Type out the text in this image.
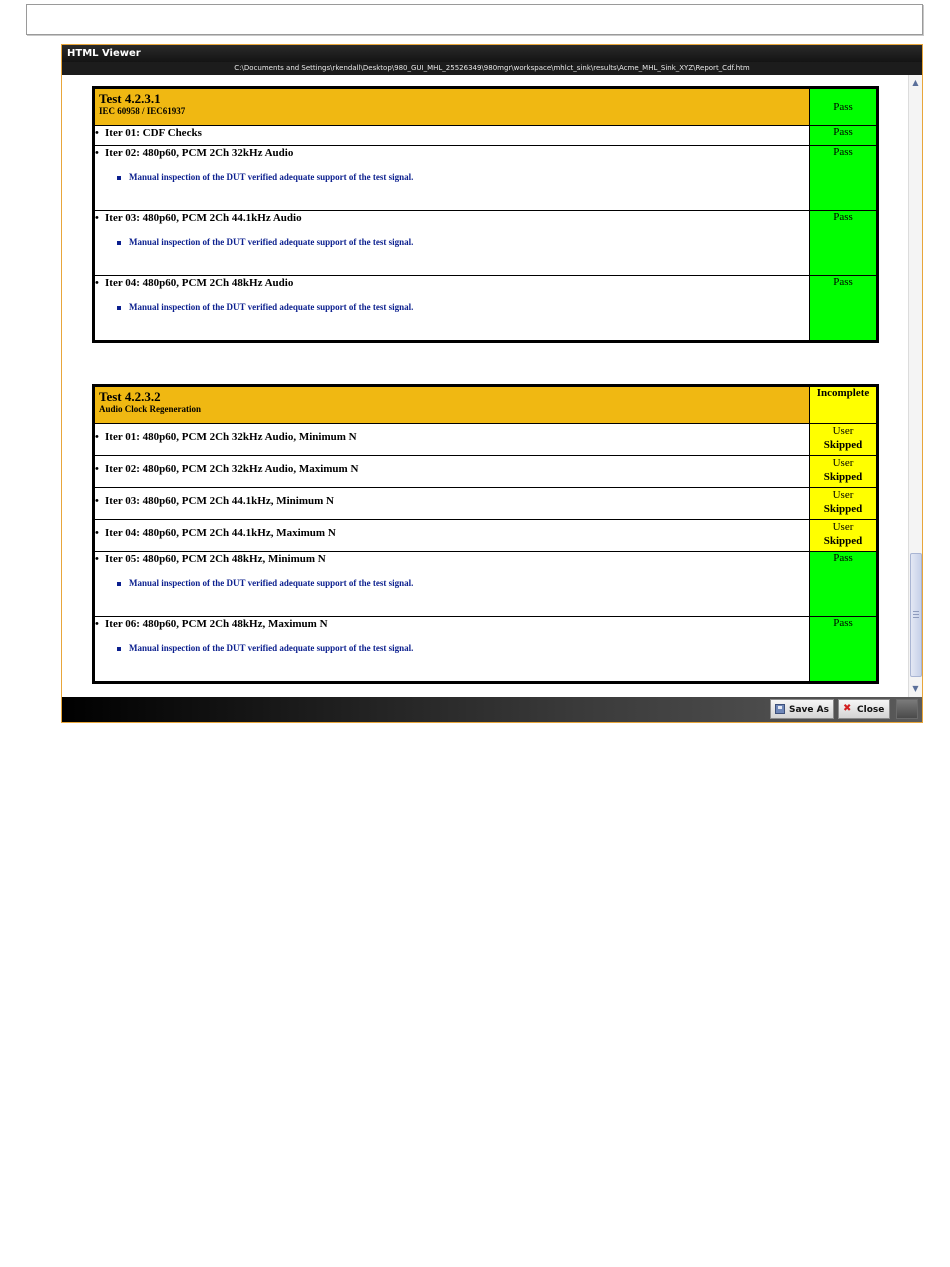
HTML Viewer
C:\Documents and Settings\rkendall\Desktop\980_GUI_MHL_25526349\980mgr\workspace\mhlct_sink\results\Acme_MHL_Sink_XYZ\Report_Cdf.htm
Test 4.2.3.1
IEC 60958 / IEC61937	Pass

• Iter 01: CDF Checks	Pass

• Iter 02: 480p60, PCM 2Ch 32kHz Audio
Manual inspection of the DUT verified adequate support of the test signal.	Pass

• Iter 03: 480p60, PCM 2Ch 44.1kHz Audio
Manual inspection of the DUT verified adequate support of the test signal.	Pass

• Iter 04: 480p60, PCM 2Ch 48kHz Audio
Manual inspection of the DUT verified adequate support of the test signal.	Pass
Test 4.2.3.2
Audio Clock Regeneration	Incomplete

• Iter 01: 480p60, PCM 2Ch 32kHz Audio, Minimum N	User
Skipped

• Iter 02: 480p60, PCM 2Ch 32kHz Audio, Maximum N	User
Skipped

• Iter 03: 480p60, PCM 2Ch 44.1kHz, Minimum N	User
Skipped

• Iter 04: 480p60, PCM 2Ch 44.1kHz, Maximum N	User
Skipped

• Iter 05: 480p60, PCM 2Ch 48kHz, Minimum N
Manual inspection of the DUT verified adequate support of the test signal.	Pass

• Iter 06: 480p60, PCM 2Ch 48kHz, Maximum N
Manual inspection of the DUT verified adequate support of the test signal.	Pass
▲
▼
Save As	✖ Close
